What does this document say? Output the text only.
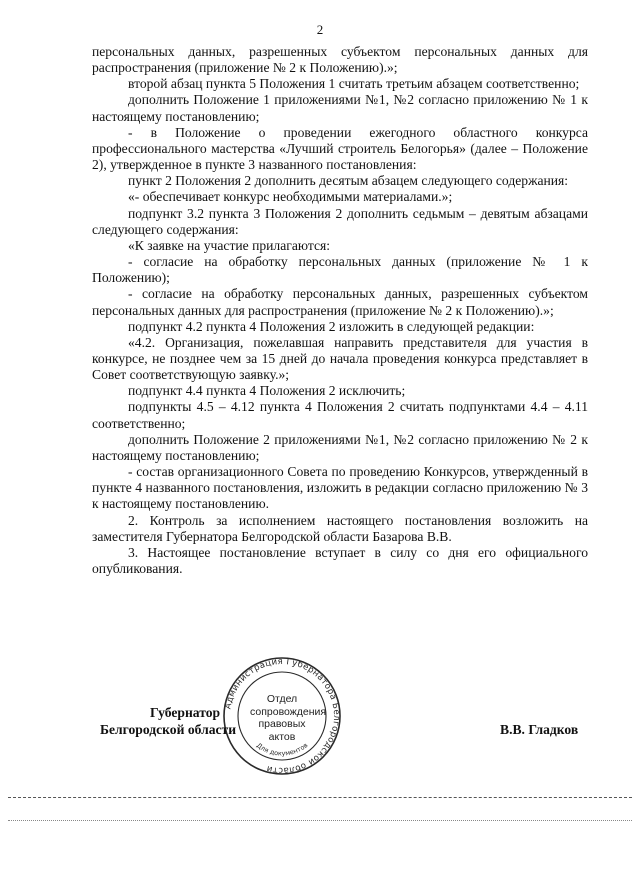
2

персональных данных, разрешенных субъектом персональных данных для распространения (приложение № 2 к Положению).»;

второй абзац пункта 5 Положения 1 считать третьим абзацем соответственно;

дополнить Положение 1 приложениями №1, №2 согласно приложению № 1 к настоящему постановлению;

- в Положение о проведении ежегодного областного конкурса профессионального мастерства «Лучший строитель Белогорья» (далее – Положение 2), утвержденное в пункте 3 названного постановления:

пункт 2 Положения 2 дополнить десятым абзацем следующего содержания:

«- обеспечивает конкурс необходимыми материалами.»;

подпункт 3.2 пункта 3 Положения 2 дополнить седьмым – девятым абзацами следующего содержания:

«К заявке на участие прилагаются:

- согласие на обработку персональных данных (приложение № 1 к Положению);

- согласие на обработку персональных данных, разрешенных субъектом персональных данных для распространения (приложение № 2 к Положению).»;

подпункт 4.2 пункта 4 Положения 2 изложить в следующей редакции:

«4.2. Организация, пожелавшая направить представителя для участия в конкурсе, не позднее чем за 15 дней до начала проведения конкурса представляет в Совет соответствующую заявку.»;

подпункт 4.4 пункта 4 Положения 2 исключить;

подпункты 4.5 – 4.12 пункта 4 Положения 2 считать подпунктами 4.4 – 4.11 соответственно;

дополнить Положение 2 приложениями №1, №2 согласно приложению № 2 к настоящему постановлению;

- состав организационного Совета по проведению Конкурсов, утвержденный в пункте 4 названного постановления, изложить в редакции согласно приложению № 3 к настоящему постановлению.

2. Контроль за исполнением настоящего постановления возложить на заместителя Губернатора Белгородской области Базарова В.В.

3. Настоящее постановление вступает в силу со дня его официального опубликования.

Администрация Губернатора Белгородской области
Для документов
Отдел
сопровождения
правовых
актов
Губернатор
Белгородской области	В.В. Гладков
